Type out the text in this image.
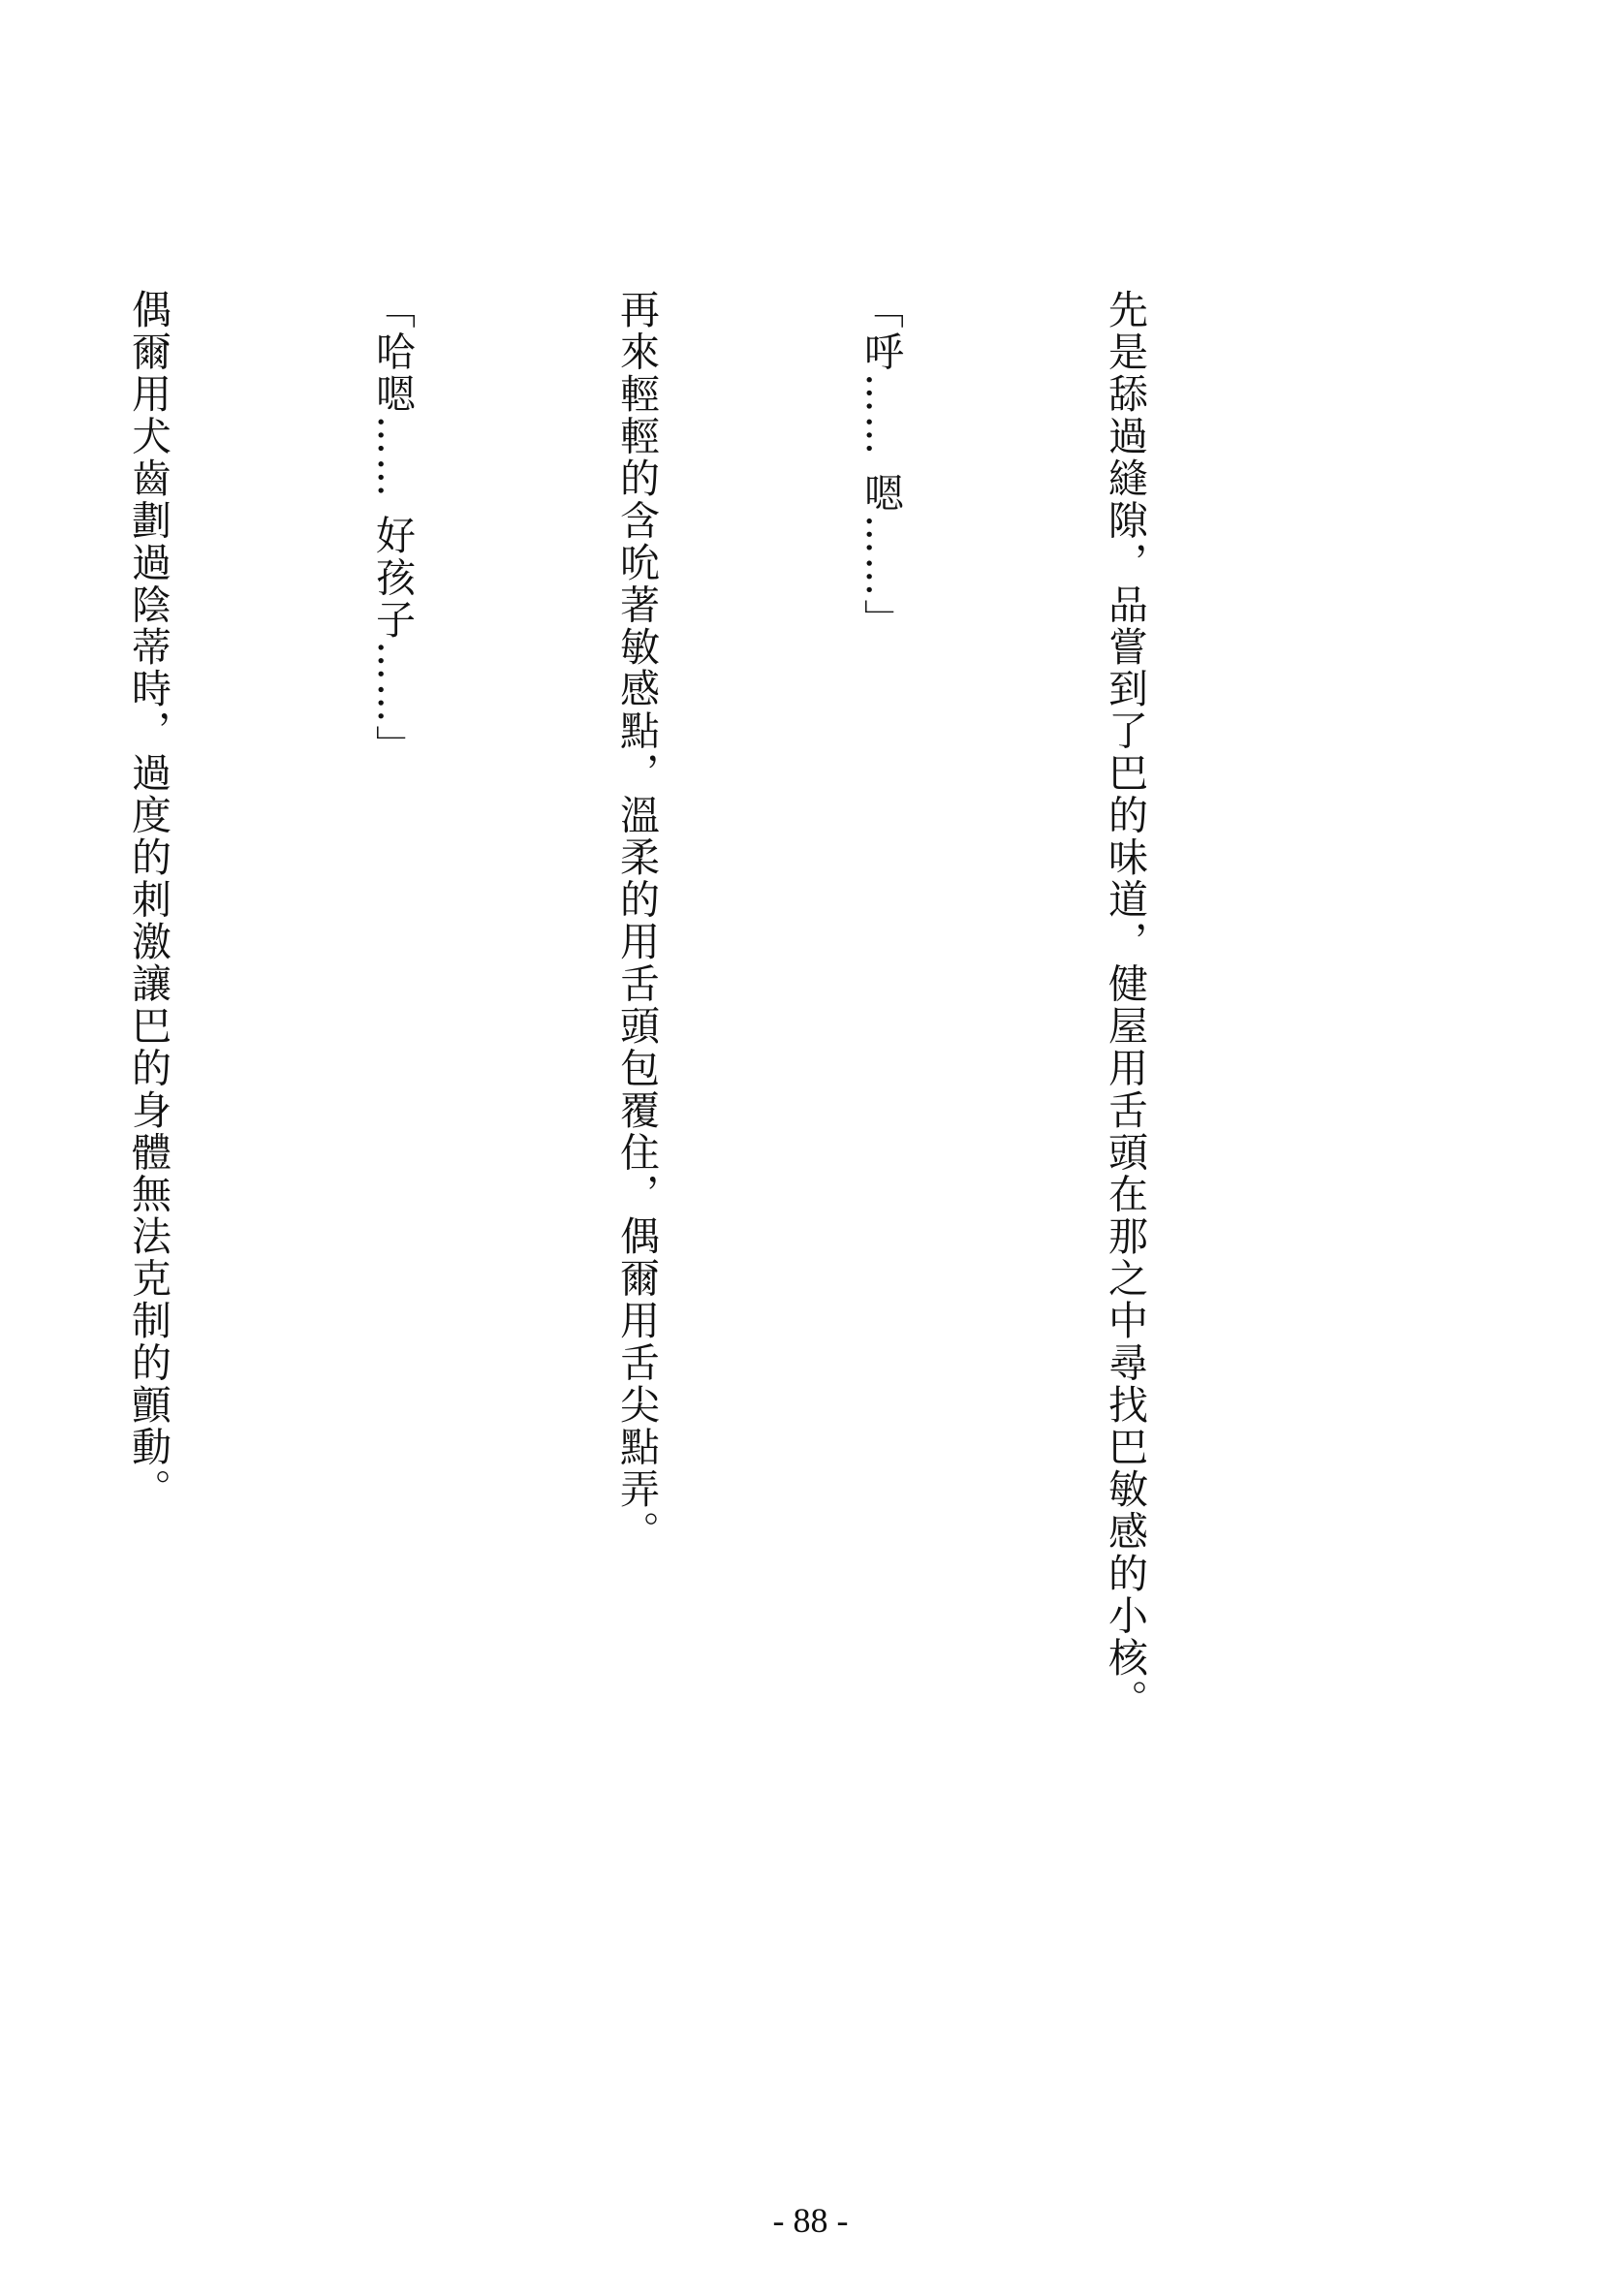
先是舔過縫隙，品嘗到了巴的味道，健屋用舌頭在那之中尋找巴敏感的小核。

「呼…… 嗯……」

再來輕輕的含吮著敏感點，溫柔的用舌頭包覆住，偶爾用舌尖點弄。

「哈嗯…… 好孩子……」

偶爾用犬齒劃過陰蒂時，過度的刺激讓巴的身體無法克制的顫動。

- 88 -
